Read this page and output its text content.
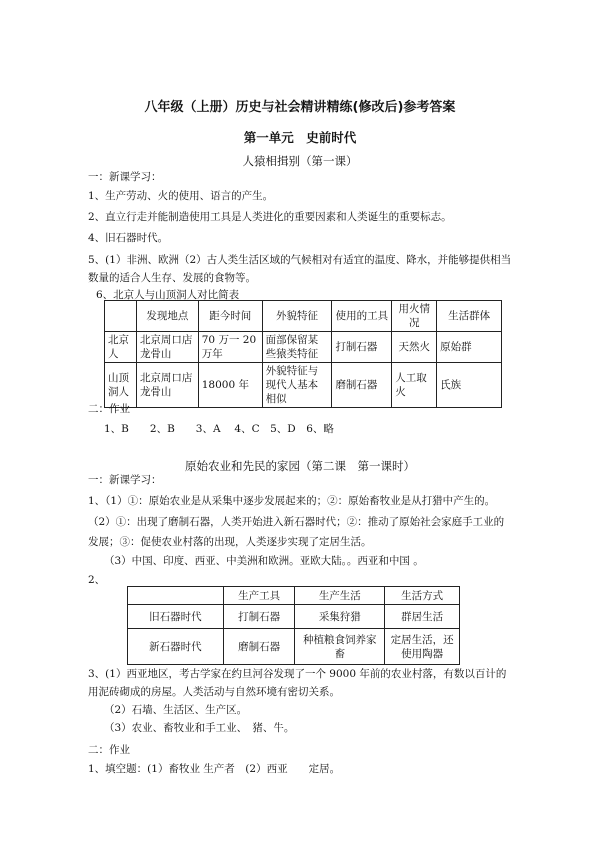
八年级（上册）历史与社会精讲精练(修改后)参考答案
第一单元　史前时代
人猿相揖别（第一课）
一：新课学习：
1、生产劳动、火的使用、语言的产生。
2、直立行走并能制造使用工具是人类进化的重要因素和人类诞生的重要标志。
4、旧石器时代。
5、(1）非洲、欧洲（2）古人类生活区域的气候相对有适宜的温度、降水，并能够提供相当
数量的适合人生存、发展的食物等。
6、北京人与山顶洞人对比简表
	发现地点	距今时间	外貌特征	使用的工具	用火情况	生活群体
北京人	北京周口店龙骨山	70 万一 20 万年	面部保留某些猿类特征	打制石器	天然火	原始群
山顶洞人	北京周口店龙骨山	18000 年	外貌特征与现代人基本相似	磨制石器	人工取火	氏族
二：作业
1、B　　2、B　　3、A　 4、C　5、D　6、略
原始农业和先民的家园（第二课　第一课时）
一：新课学习：
1、（1）①：原始农业是从采集中逐步发展起来的；②：原始畜牧业是从打猎中产生的。
（2）①：出现了磨制石器，人类开始进入新石器时代；②：推动了原始社会家庭手工业的
发展；③：促使农业村落的出现，人类逐步实现了定居生活。
（3）中国、印度、西亚、中美洲和欧洲。亚欧大陆。。西亚和中国 。
2、
	生产工具	生产生活	生活方式
旧石器时代	打制石器	采集狩猎	群居生活
新石器时代	磨制石器	种植粮食饲养家畜	定居生活，还使用陶器
3、(1）西亚地区，考古学家在约旦河谷发现了一个 9000 年前的农业村落，有数以百计的
用泥砖砌成的房屋。人类活动与自然环境有密切关系。
（2）石墙、生活区、生产区。
（3）农业、畜牧业和手工业、　猪、牛。
二：作业
1、填空题：(1）畜牧业 生产者　(2）西亚　　定居。
